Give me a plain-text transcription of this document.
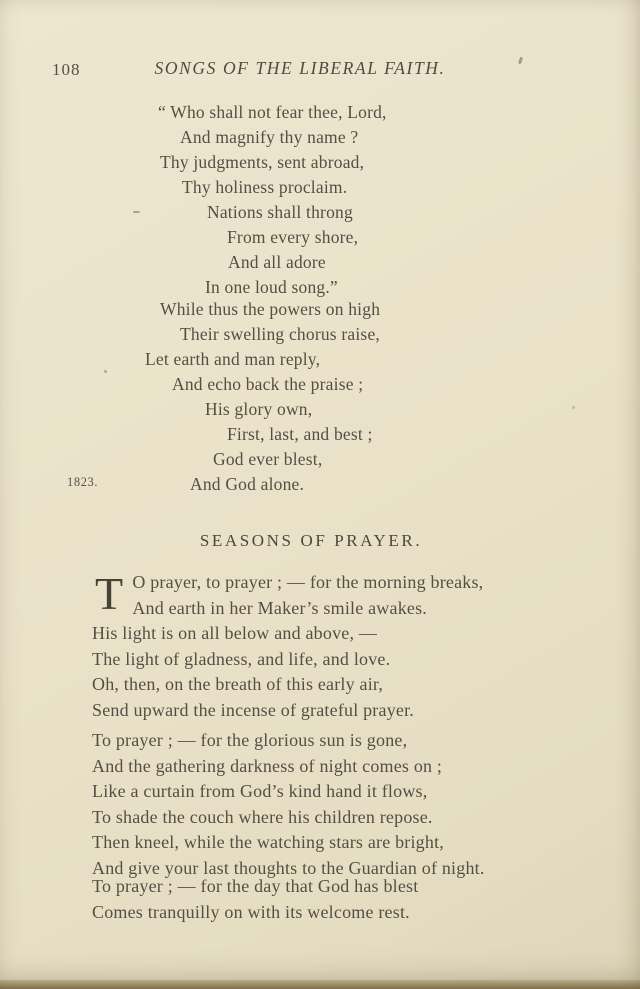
108	SONGS OF THE LIBERAL FAITH.
“ Who shall not fear thee, Lord,
And magnify thy name ?
Thy judgments, sent abroad,
Thy holiness proclaim.
Nations shall throng
From every shore,
And all adore
In one loud song.”
While thus the powers on high
Their swelling chorus raise,
Let earth and man reply,
And echo back the praise ;
His glory own,
First, last, and best ;
God ever blest,
And God alone.
1823.
SEASONS OF PRAYER.
T O prayer, to prayer ; — for the morning breaks,
And earth in her Maker’s smile awakes.
His light is on all below and above, —
The light of gladness, and life, and love.
Oh, then, on the breath of this early air,
Send upward the incense of grateful prayer.
To prayer ; — for the glorious sun is gone,
And the gathering darkness of night comes on ;
Like a curtain from God’s kind hand it flows,
To shade the couch where his children repose.
Then kneel, while the watching stars are bright,
And give your last thoughts to the Guardian of night.
To prayer ; — for the day that God has blest
Comes tranquilly on with its welcome rest.
